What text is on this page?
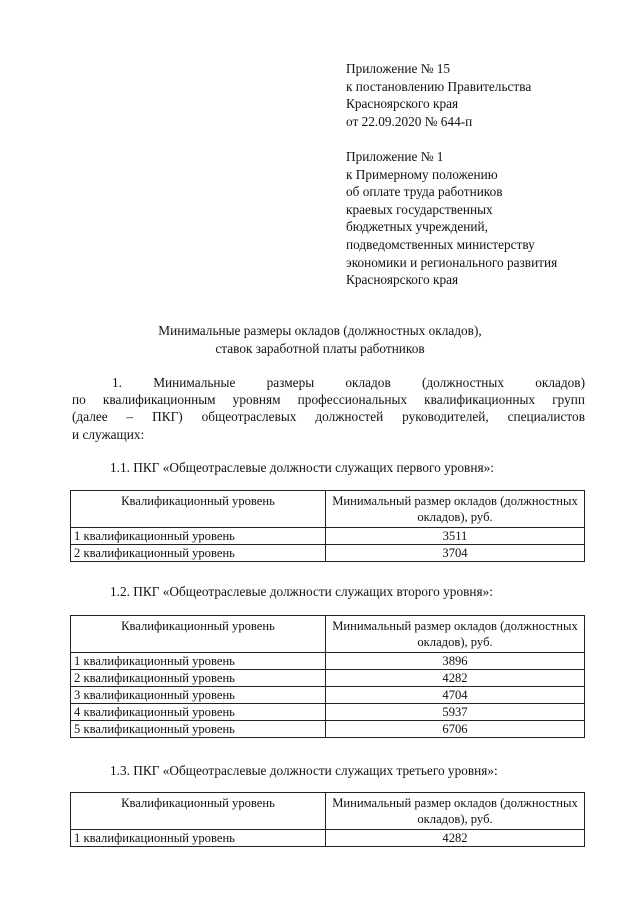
Приложение № 15
к постановлению Правительства
Красноярского края
от 22.09.2020 № 644-п
Приложение № 1
к Примерному положению
об оплате труда работников
краевых государственных
бюджетных учреждений,
подведомственных министерству
экономики и регионального развития
Красноярского края
Минимальные размеры окладов (должностных окладов),
ставок заработной платы работников
1. Минимальные размеры окладов (должностных окладов)
по квалификационным уровням профессиональных квалификационных групп
(далее – ПКГ) общеотраслевых должностей руководителей, специалистов
и служащих:
1.1. ПКГ «Общеотраслевые должности служащих первого уровня»:
Квалификационный уровень	Минимальный размер окладов (должностных окладов), руб.
1 квалификационный уровень	3511
2 квалификационный уровень	3704
1.2. ПКГ «Общеотраслевые должности служащих второго уровня»:
Квалификационный уровень	Минимальный размер окладов (должностных окладов), руб.
1 квалификационный уровень	3896
2 квалификационный уровень	4282
3 квалификационный уровень	4704
4 квалификационный уровень	5937
5 квалификационный уровень	6706
1.3. ПКГ «Общеотраслевые должности служащих третьего уровня»:
Квалификационный уровень	Минимальный размер окладов (должностных окладов), руб.
1 квалификационный уровень	4282
